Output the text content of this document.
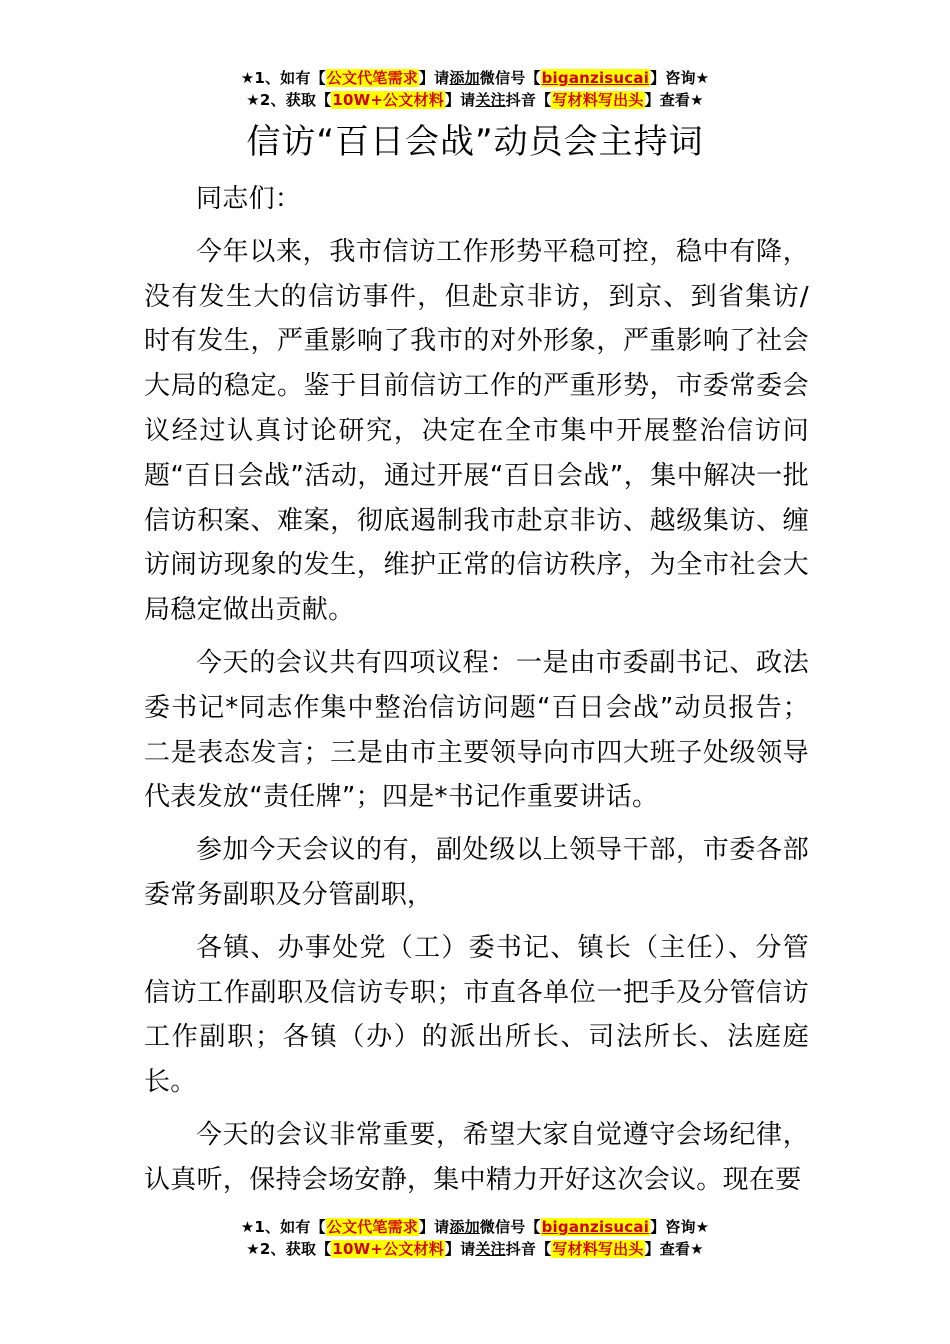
★1、如有【公文代笔需求】请添加微信号【biganzisucai】咨询★
★2、获取【10W+公文材料】请关注抖音【写材料写出头】查看★
信访“百日会战”动员会主持词

同志们：

今年以来，我市信访工作形势平稳可控，稳中有降，没有发生大的信访事件，但赴京非访，到京、到省集访/时有发生，严重影响了我市的对外形象，严重影响了社会大局的稳定。鉴于目前信访工作的严重形势，市委常委会议经过认真讨论研究，决定在全市集中开展整治信访问题“百日会战”活动，通过开展“百日会战”，集中解决一批信访积案、难案，彻底遏制我市赴京非访、越级集访、缠访闹访现象的发生，维护正常的信访秩序，为全市社会大局稳定做出贡献。

今天的会议共有四项议程：一是由市委副书记、政法委书记*同志作集中整治信访问题“百日会战”动员报告；二是表态发言；三是由市主要领导向市四大班子处级领导代表发放“责任牌”；四是*书记作重要讲话。

参加今天会议的有，副处级以上领导干部，市委各部委常务副职及分管副职，

各镇、办事处党（工）委书记、镇长（主任）、分管信访工作副职及信访专职；市直各单位一把手及分管信访工作副职；各镇（办）的派出所长、司法所长、法庭庭长。

今天的会议非常重要，希望大家自觉遵守会场纪律，认真听，保持会场安静，集中精力开好这次会议。现在要

★1、如有【公文代笔需求】请添加微信号【biganzisucai】咨询★
★2、获取【10W+公文材料】请关注抖音【写材料写出头】查看★
